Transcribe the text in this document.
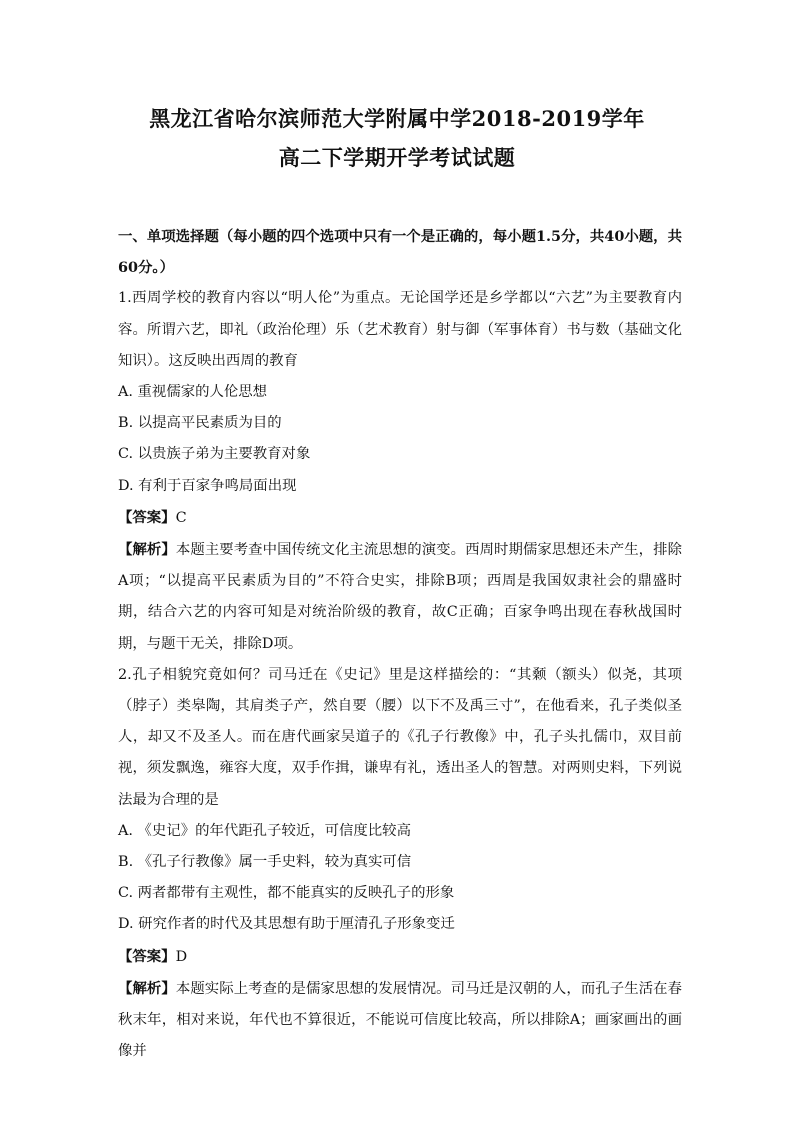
黑龙江省哈尔滨师范大学附属中学2018-2019学年
高二下学期开学考试试题

一、单项选择题（每小题的四个选项中只有一个是正确的，每小题1.5分，共40小题，共60分。）

1.西周学校的教育内容以“明人伦”为重点。无论国学还是乡学都以“六艺”为主要教育内容。所谓六艺，即礼（政治伦理）乐（艺术教育）射与御（军事体育）书与数（基础文化知识）。这反映出西周的教育

A. 重视儒家的人伦思想

B. 以提高平民素质为目的

C. 以贵族子弟为主要教育对象

D. 有利于百家争鸣局面出现

【答案】C

【解析】本题主要考查中国传统文化主流思想的演变。西周时期儒家思想还未产生，排除A项；“以提高平民素质为目的”不符合史实，排除B项；西周是我国奴隶社会的鼎盛时期，结合六艺的内容可知是对统治阶级的教育，故C正确；百家争鸣出现在春秋战国时期，与题干无关，排除D项。

2.孔子相貌究竟如何？司马迁在《史记》里是这样描绘的：“其颡（额头）似尧，其项（脖子）类皋陶，其肩类子产，然自要（腰）以下不及禹三寸”，在他看来，孔子类似圣人，却又不及圣人。而在唐代画家吴道子的《孔子行教像》中，孔子头扎儒巾，双目前视，须发飘逸，雍容大度，双手作揖，谦卑有礼，透出圣人的智慧。对两则史料，下列说法最为合理的是

A. 《史记》的年代距孔子较近，可信度比较高

B. 《孔子行教像》属一手史料，较为真实可信

C. 两者都带有主观性，都不能真实的反映孔子的形象

D. 研究作者的时代及其思想有助于厘清孔子形象变迁

【答案】D

【解析】本题实际上考查的是儒家思想的发展情况。司马迁是汉朝的人，而孔子生活在春秋末年，相对来说，年代也不算很近，不能说可信度比较高，所以排除A；画家画出的画像并
